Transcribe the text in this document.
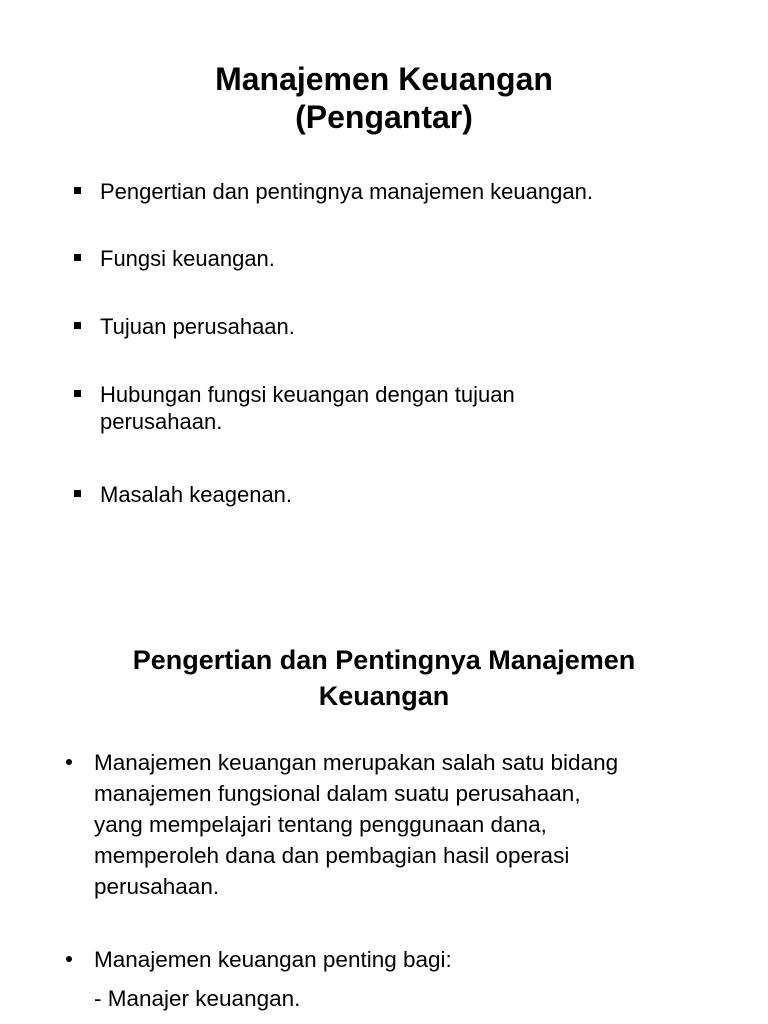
Manajemen Keuangan
(Pengantar)
Pengertian dan pentingnya manajemen keuangan.
Fungsi keuangan.
Tujuan perusahaan.
Hubungan fungsi keuangan dengan tujuan
perusahaan.
Masalah keagenan.
Pengertian dan Pentingnya Manajemen
Keuangan
Manajemen keuangan merupakan salah satu bidang
manajemen fungsional dalam suatu perusahaan,
yang mempelajari tentang penggunaan dana,
memperoleh dana dan pembagian hasil operasi
perusahaan.
Manajemen keuangan penting bagi:
- Manajer keuangan.
